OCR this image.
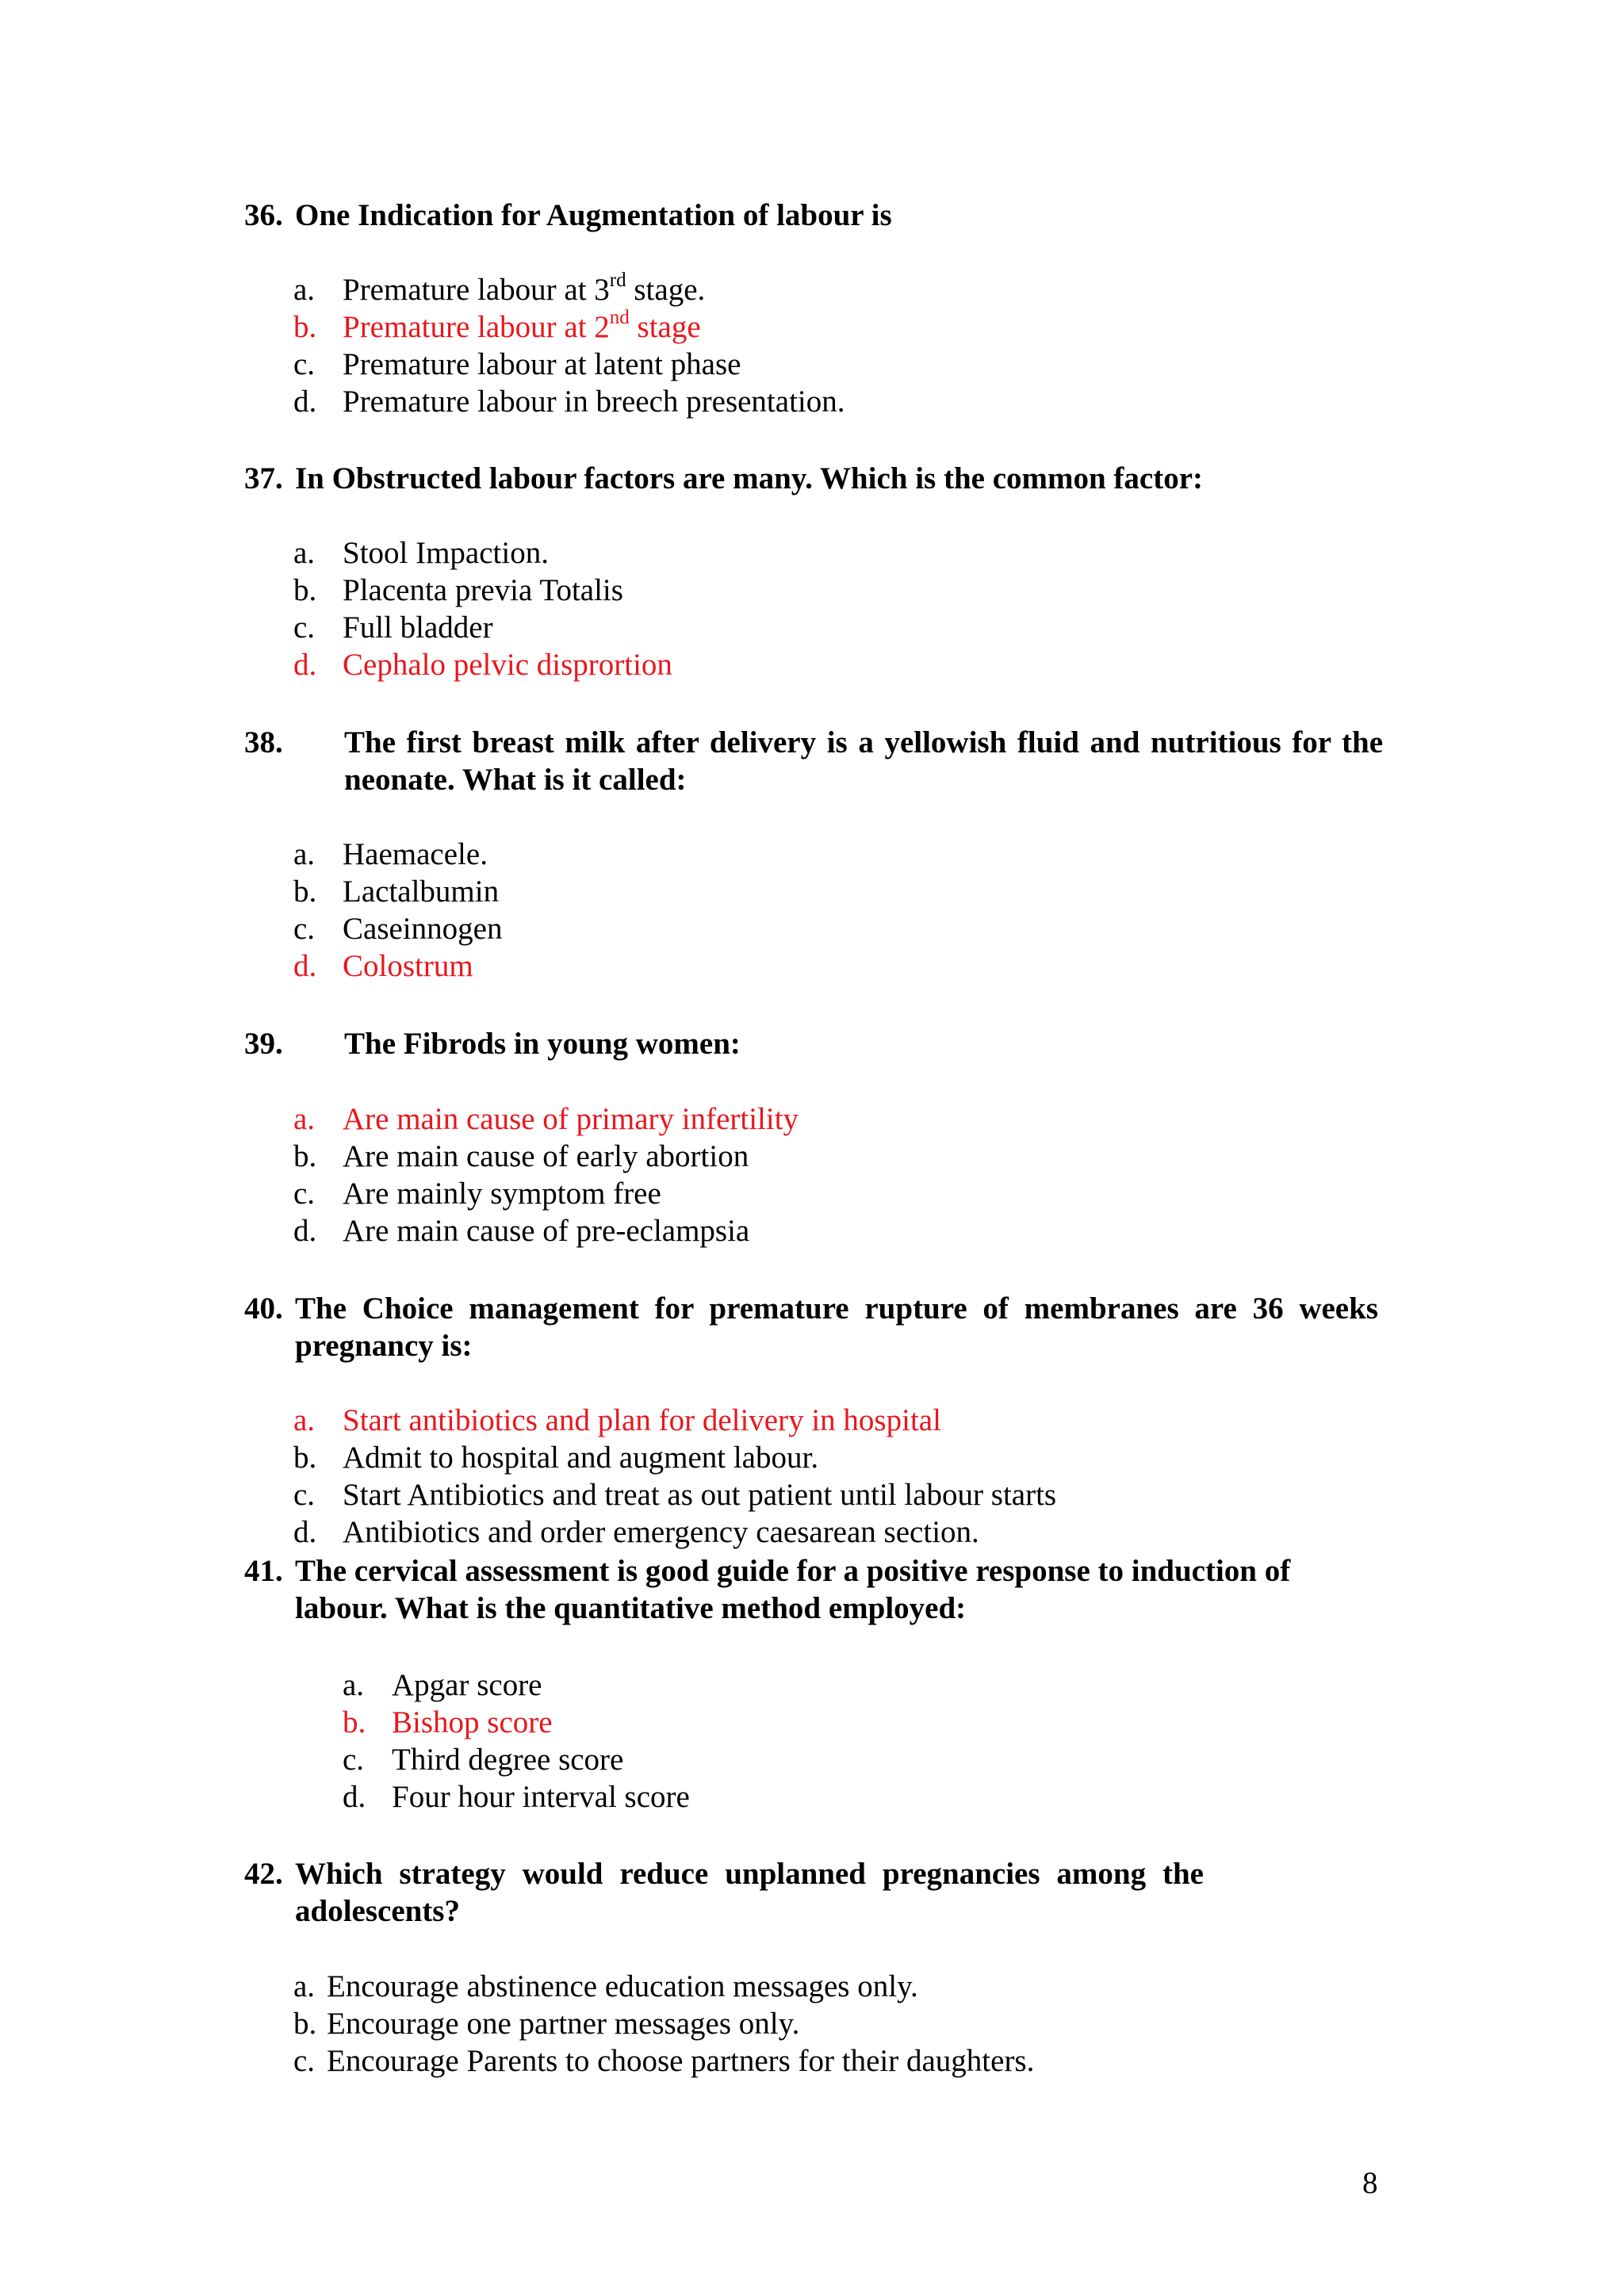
36. One Indication for Augmentation of labour is
a. Premature labour at 3rd stage.
b. Premature labour at 2nd stage
c. Premature labour at latent phase
d. Premature labour in breech presentation.
37. In Obstructed labour factors are many. Which is the common factor:
a. Stool Impaction.
b. Placenta previa Totalis
c. Full bladder
d. Cephalo pelvic disprortion
38. The first breast milk after delivery is a yellowish fluid and nutritious for the neonate. What is it called:
a. Haemacele.
b. Lactalbumin
c. Caseinnogen
d. Colostrum
39. The Fibrods in young women:
a. Are main cause of primary infertility
b. Are main cause of early abortion
c. Are mainly symptom free
d. Are main cause of pre-eclampsia
40. The Choice management for premature rupture of membranes are 36 weeks pregnancy is:
a. Start antibiotics and plan for delivery in hospital
b. Admit to hospital and augment labour.
c. Start Antibiotics and treat as out patient until labour starts
d. Antibiotics and order emergency caesarean section.
41. The cervical assessment is good guide for a positive response to induction of labour. What is the quantitative method employed:
a. Apgar score
b. Bishop score
c. Third degree score
d. Four hour interval score
42. Which strategy would reduce unplanned pregnancies among the adolescents?
a. Encourage abstinence education messages only.
b. Encourage one partner messages only.
c. Encourage Parents to choose partners for their daughters.
8
